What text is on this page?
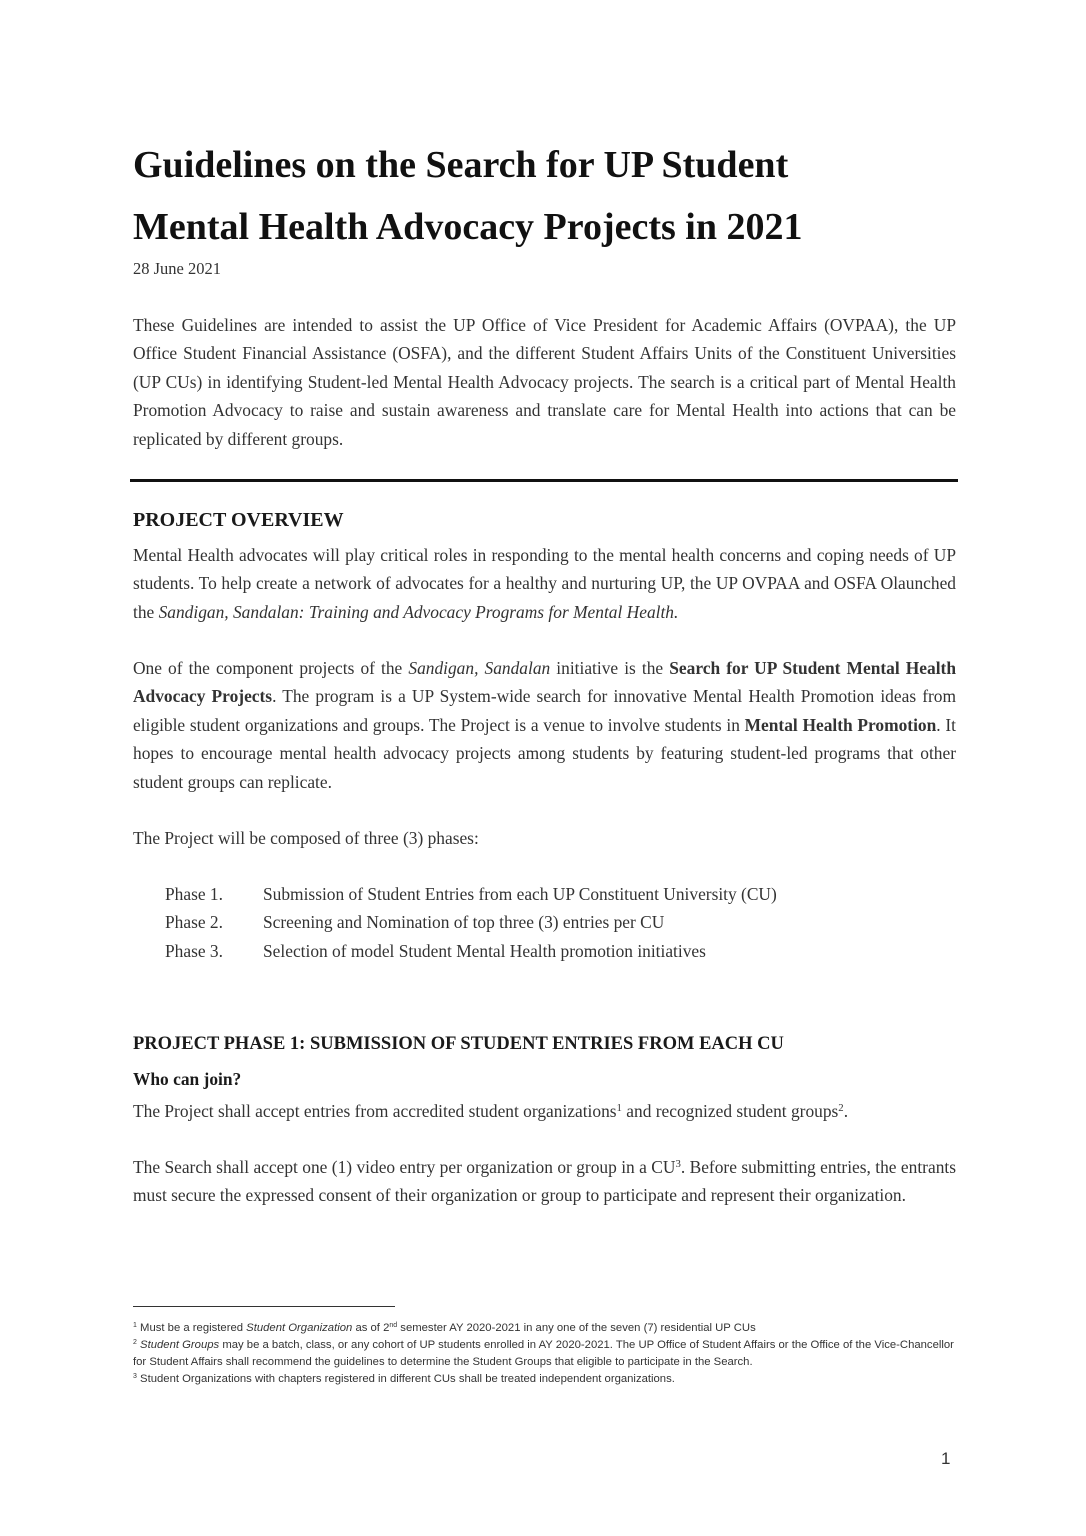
Guidelines on the Search for UP Student
Mental Health Advocacy Projects in 2021
28 June 2021

These Guidelines are intended to assist the UP Office of Vice President for Academic Affairs (OVPAA), the UP Office Student Financial Assistance (OSFA), and the different Student Affairs Units of the Constituent Universities (UP CUs) in identifying Student-led Mental Health Advocacy projects. The search is a critical part of Mental Health Promotion Advocacy to raise and sustain awareness and translate care for Mental Health into actions that can be replicated by different groups.

PROJECT OVERVIEW

Mental Health advocates will play critical roles in responding to the mental health concerns and coping needs of UP students. To help create a network of advocates for a healthy and nurturing UP, the UP OVPAA and OSFA Olaunched the Sandigan, Sandalan: Training and Advocacy Programs for Mental Health.

One of the component projects of the Sandigan, Sandalan initiative is the Search for UP Student Mental Health Advocacy Projects. The program is a UP System-wide search for innovative Mental Health Promotion ideas from eligible student organizations and groups. The Project is a venue to involve students in Mental Health Promotion. It hopes to encourage mental health advocacy projects among students by featuring student-led programs that other student groups can replicate.

The Project will be composed of three (3) phases:

Phase 1.	Submission of Student Entries from each UP Constituent University (CU)
Phase 2.	Screening and Nomination of top three (3) entries per CU
Phase 3.	Selection of model Student Mental Health promotion initiatives
PROJECT PHASE 1: SUBMISSION OF STUDENT ENTRIES FROM EACH CU
Who can join?

The Project shall accept entries from accredited student organizations$^1$ and recognized student groups$^2$.

The Search shall accept one (1) video entry per organization or group in a $CU^3$. Before submitting entries, the entrants must secure the expressed consent of their organization or group to participate and represent their organization.

$^1$ Must be a registered Student Organization as of 2nd semester AY 2020-2021 in any one of the seven (7) residential UP CUs

$^2$ Student Groups may be a batch, class, or any cohort of UP students enrolled in AY 2020-2021. The UP Office of Student Affairs or the Office of the Vice-Chancellor for Student Affairs shall recommend the guidelines to determine the Student Groups that eligible to participate in the Search.

$^3$ Student Organizations with chapters registered in different CUs shall be treated independent organizations.

1
